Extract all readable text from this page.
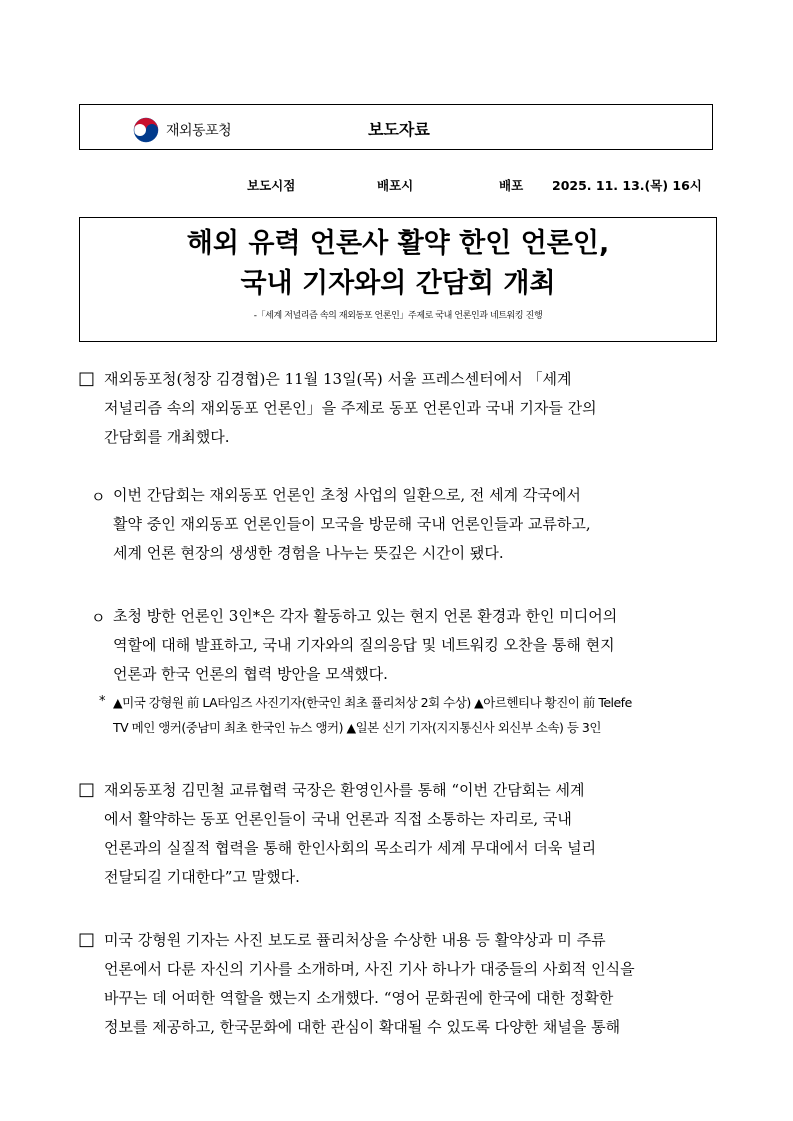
재외동포청	보도자료
보도시점	배포시	배포 2025. 11. 13.(목) 16시
해외 유력 언론사 활약 한인 언론인,
국내 기자와의 간담회 개최
-「세계 저널리즘 속의 재외동포 언론인」주제로 국내 언론인과 네트워킹 진행
□ 재외동포청(청장 김경협)은 11월 13일(목) 서울 프레스센터에서 「세계
저널리즘 속의 재외동포 언론인」을 주제로 동포 언론인과 국내 기자들 간의
간담회를 개최했다.
ㅇ 이번 간담회는 재외동포 언론인 초청 사업의 일환으로, 전 세계 각국에서
활약 중인 재외동포 언론인들이 모국을 방문해 국내 언론인들과 교류하고,
세계 언론 현장의 생생한 경험을 나누는 뜻깊은 시간이 됐다.
ㅇ 초청 방한 언론인 3인*은 각자 활동하고 있는 현지 언론 환경과 한인 미디어의
역할에 대해 발표하고, 국내 기자와의 질의응답 및 네트워킹 오찬을 통해 현지
언론과 한국 언론의 협력 방안을 모색했다.
* ▲미국 강형원 前 LA타임즈 사진기자(한국인 최초 퓰리처상 2회 수상) ▲아르헨티나 황진이 前 Telefe
TV 메인 앵커(중남미 최초 한국인 뉴스 앵커) ▲일본 신기 기자(지지통신사 외신부 소속) 등 3인
□ 재외동포청 김민철 교류협력 국장은 환영인사를 통해 “이번 간담회는 세계
에서 활약하는 동포 언론인들이 국내 언론과 직접 소통하는 자리로, 국내
언론과의 실질적 협력을 통해 한인사회의 목소리가 세계 무대에서 더욱 널리
전달되길 기대한다”고 말했다.
□ 미국 강형원 기자는 사진 보도로 퓰리처상을 수상한 내용 등 활약상과 미 주류
언론에서 다룬 자신의 기사를 소개하며, 사진 기사 하나가 대중들의 사회적 인식을
바꾸는 데 어떠한 역할을 했는지 소개했다. “영어 문화권에 한국에 대한 정확한
정보를 제공하고, 한국문화에 대한 관심이 확대될 수 있도록 다양한 채널을 통해
